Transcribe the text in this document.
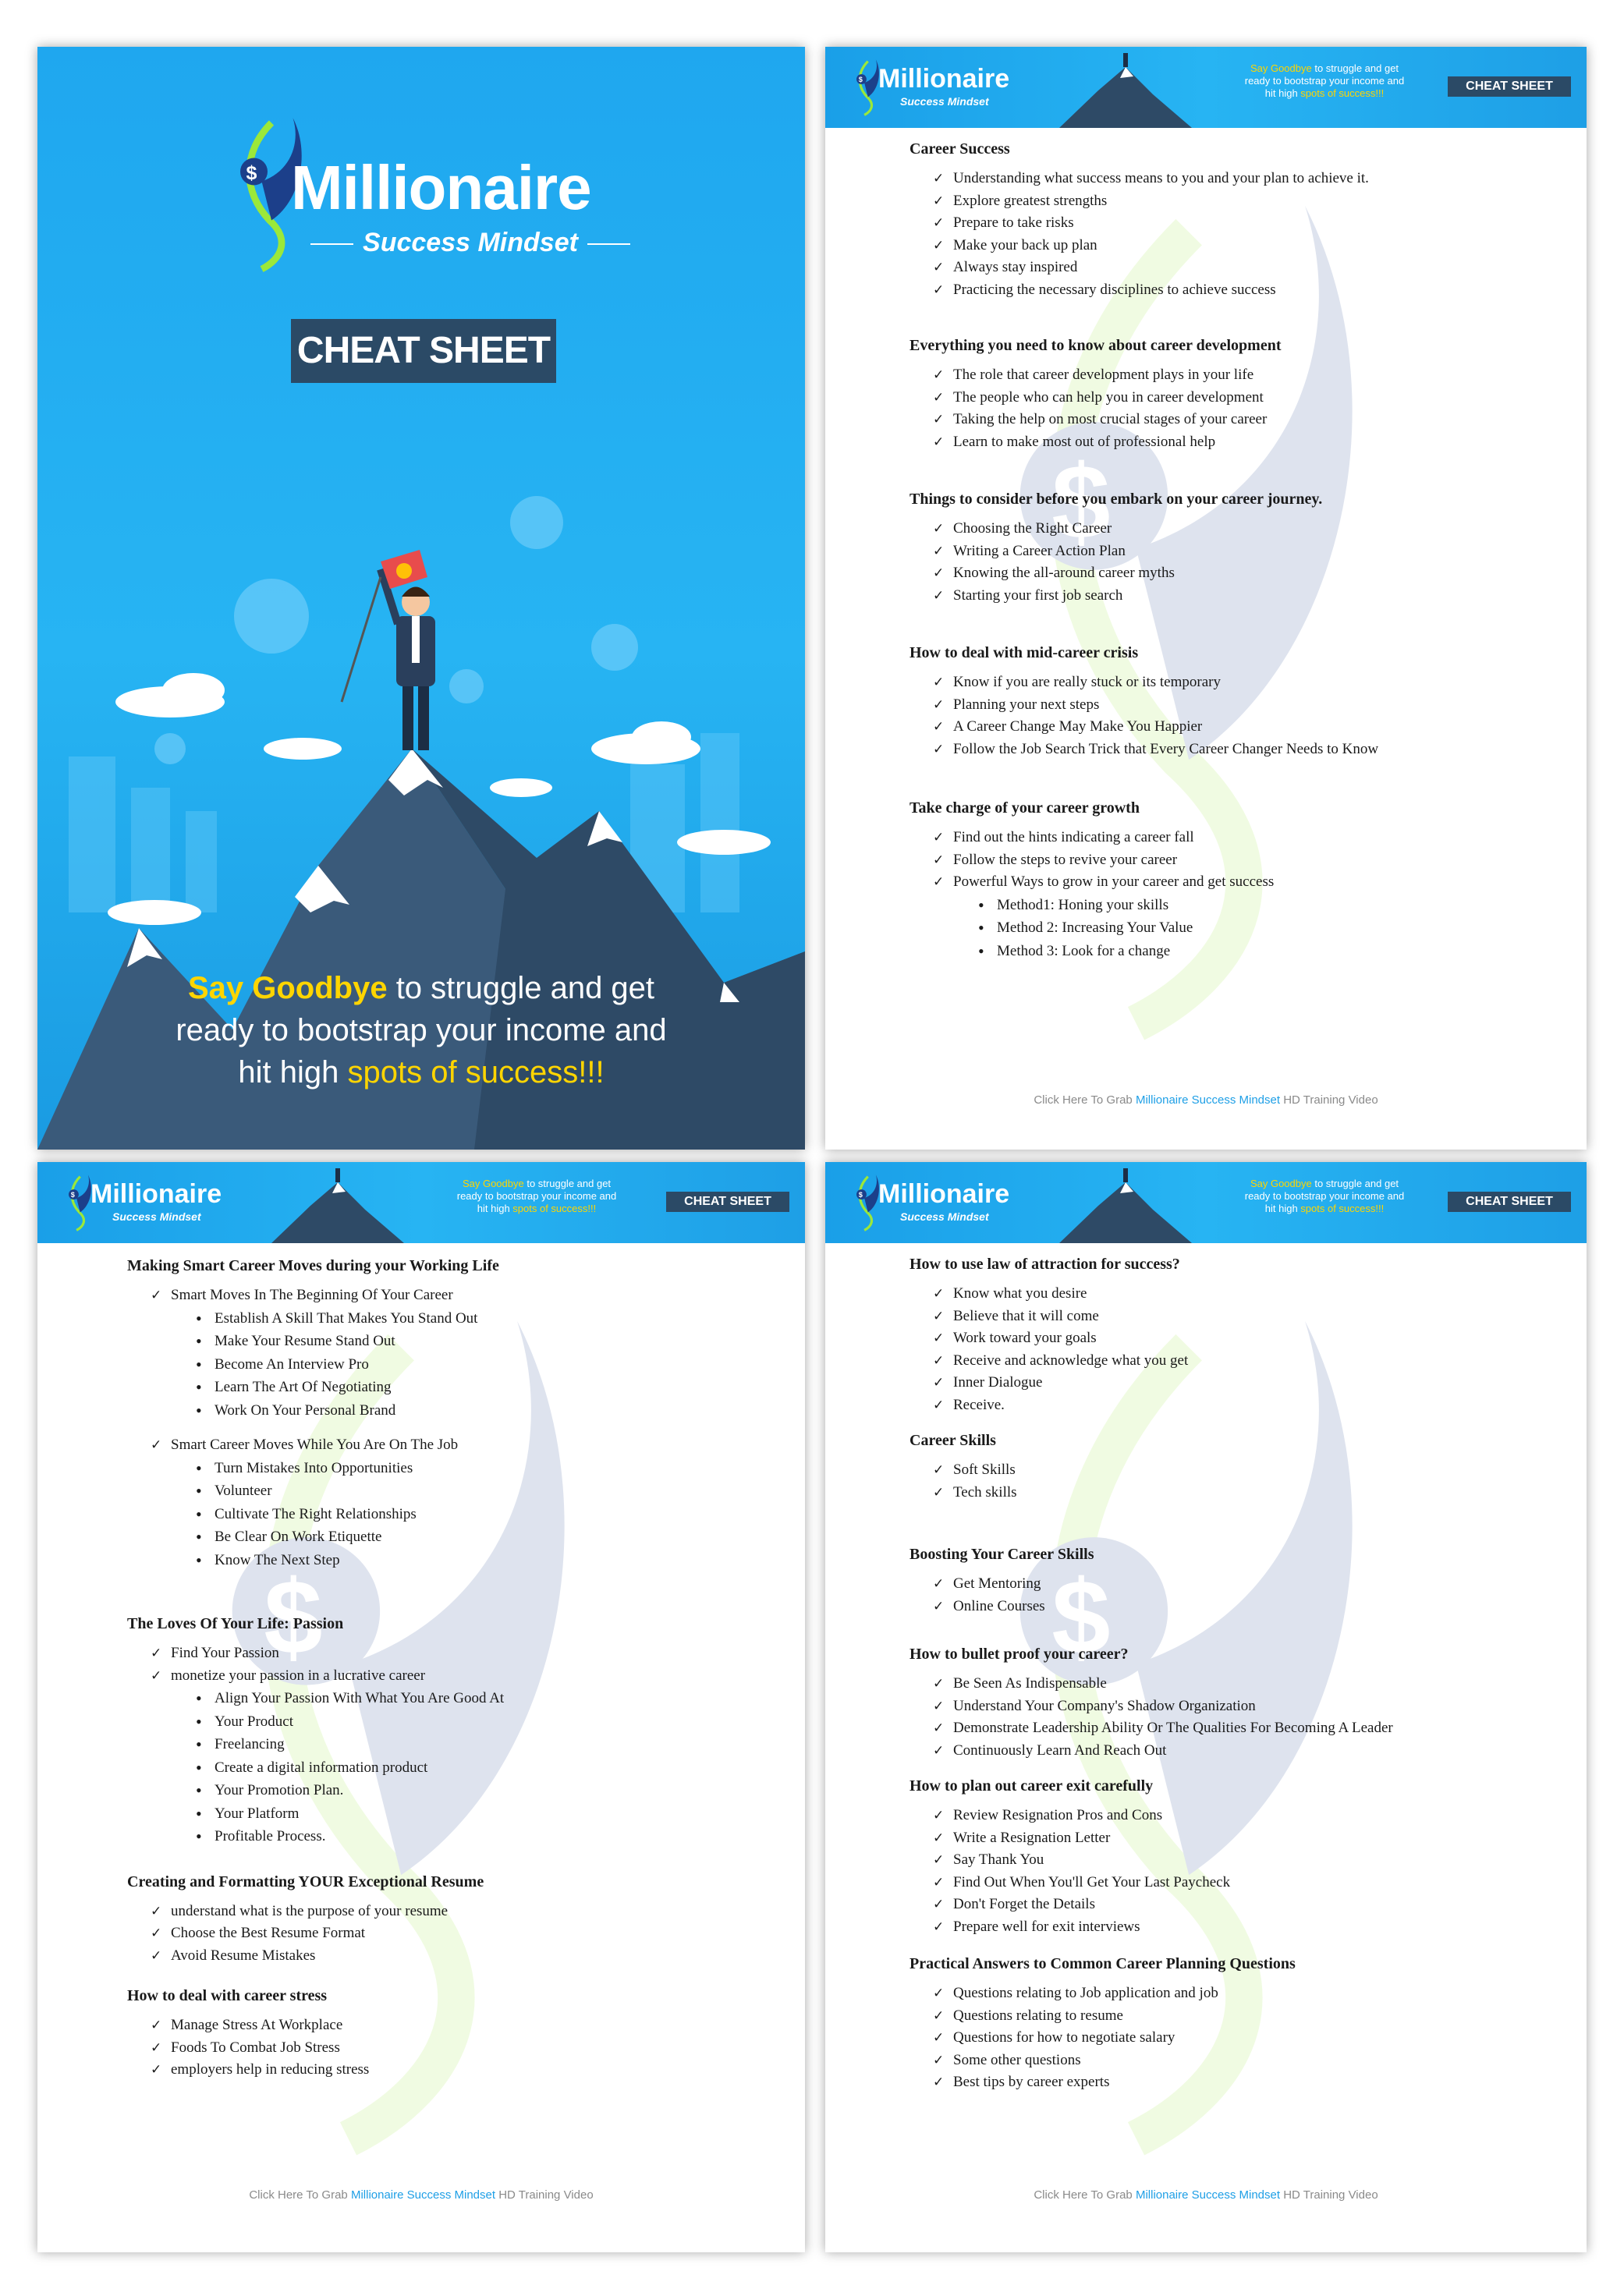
Millionaire
Success Mindset
CHEAT SHEET
Say Goodbye to struggle and get
ready to bootstrap your income and
hit high spots of success!!!
Millionaire
Success Mindset
Say Goodbye to struggle and get
ready to bootstrap your income and
hit high spots of success!!!
CHEAT SHEET
Career Success
✓ Understanding what success means to you and your plan to achieve it.
✓ Explore greatest strengths
✓ Prepare to take risks
✓ Make your back up plan
✓ Always stay inspired
✓ Practicing the necessary disciplines to achieve success
Everything you need to know about career development
✓ The role that career development plays in your life
✓ The people who can help you in career development
✓ Taking the help on most crucial stages of your career
✓ Learn to make most out of professional help
Things to consider before you embark on your career journey.
✓ Choosing the Right Career
✓ Writing a Career Action Plan
✓ Knowing the all-around career myths
✓ Starting your first job search
How to deal with mid-career crisis
✓ Know if you are really stuck or its temporary
✓ Planning your next steps
✓ A Career Change May Make You Happier
✓ Follow the Job Search Trick that Every Career Changer Needs to Know
Take charge of your career growth
✓ Find out the hints indicating a career fall
✓ Follow the steps to revive your career
✓ Powerful Ways to grow in your career and get success
• Method1: Honing your skills
• Method 2: Increasing Your Value
• Method 3: Look for a change
Click Here To Grab Millionaire Success Mindset HD Training Video
Millionaire
Success Mindset
Say Goodbye to struggle and get
ready to bootstrap your income and
hit high spots of success!!!
CHEAT SHEET
Making Smart Career Moves during your Working Life
✓ Smart Moves In The Beginning Of Your Career
• Establish A Skill That Makes You Stand Out
• Make Your Resume Stand Out
• Become An Interview Pro
• Learn The Art Of Negotiating
• Work On Your Personal Brand
✓ Smart Career Moves While You Are On The Job
• Turn Mistakes Into Opportunities
• Volunteer
• Cultivate The Right Relationships
• Be Clear On Work Etiquette
• Know The Next Step
The Loves Of Your Life: Passion
✓ Find Your Passion
✓ monetize your passion in a lucrative career
• Align Your Passion With What You Are Good At
• Your Product
• Freelancing
• Create a digital information product
• Your Promotion Plan.
• Your Platform
• Profitable Process.
Creating and Formatting YOUR Exceptional Resume
✓ understand what is the purpose of your resume
✓ Choose the Best Resume Format
✓ Avoid Resume Mistakes
How to deal with career stress
✓ Manage Stress At Workplace
✓ Foods To Combat Job Stress
✓ employers help in reducing stress
Click Here To Grab Millionaire Success Mindset HD Training Video
Millionaire
Success Mindset
Say Goodbye to struggle and get
ready to bootstrap your income and
hit high spots of success!!!
CHEAT SHEET
How to use law of attraction for success?
✓ Know what you desire
✓ Believe that it will come
✓ Work toward your goals
✓ Receive and acknowledge what you get
✓ Inner Dialogue
✓ Receive.
Career Skills
✓ Soft Skills
✓ Tech skills
Boosting Your Career Skills
✓ Get Mentoring
✓ Online Courses
How to bullet proof your career?
✓ Be Seen As Indispensable
✓ Understand Your Company's Shadow Organization
✓ Demonstrate Leadership Ability Or The Qualities For Becoming A Leader
✓ Continuously Learn And Reach Out
How to plan out career exit carefully
✓ Review Resignation Pros and Cons
✓ Write a Resignation Letter
✓ Say Thank You
✓ Find Out When You'll Get Your Last Paycheck
✓ Don't Forget the Details
✓ Prepare well for exit interviews
Practical Answers to Common Career Planning Questions
✓ Questions relating to Job application and job
✓ Questions relating to resume
✓ Questions for how to negotiate salary
✓ Some other questions
✓ Best tips by career experts
Click Here To Grab Millionaire Success Mindset HD Training Video
